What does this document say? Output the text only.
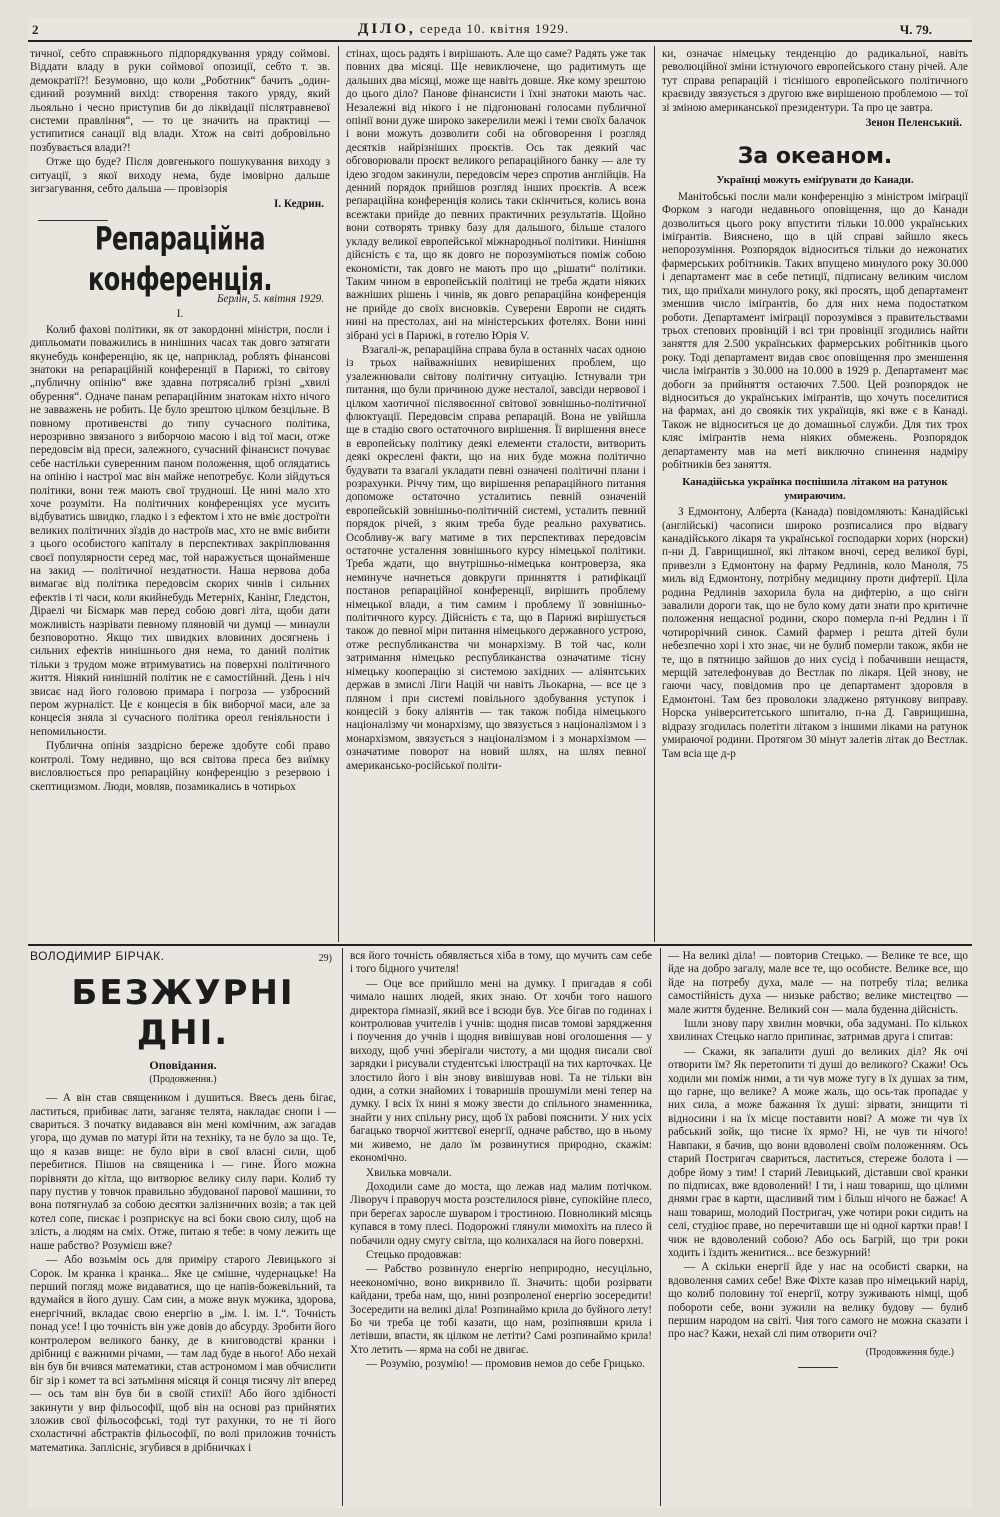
2	ДІЛО, середа 10. квітня 1929.	Ч. 79.

тичної, себто справжнього підпорядкування уряду соймові. Віддати владу в руки соймової опозиції, себто т. зв. демократії?! Безумовно, що коли „Роботник“ бачить „один-єдиний розумний вихід: створення такого уряду, який льояльно і чесно приступив би до ліквідації післятравневої системи правління“, — то це значить на практиці — устипитися санації від влади. Хтож на світі добровільно позбувається влади?!

Отже що буде? Після довгенького пошукування виходу з ситуації, з якої виходу нема, буде імовірно дальше зигзагування, себто дальша — провізорія

І. Кедрин.
Репараційна конференція.
Берлін, 5. квітня 1929.
І.

Колиб фахові політики, як от закордонні міністри, посли і дипльомати поважились в нинішних часах так довго затягати якунебудь конференцію, як це, наприклад, роблять фінансові знатоки на репараційній конференції в Парижі, то світову „публичну опінію“ вже здавна потрясалиб грізні „хвилі обурення“. Одначе панам репараційним знатокам ніхто нічого не завважень не робить. Це було зрештою цілком безцільне. В повному противенстві до типу сучасного політика, нерозривно звязаного з виборчою масою і від тої маси, отже передовсім від преси, залежного, сучасний фінансист почуває себе настільки суверенним паном положення, щоб оглядатись на опінію і настрої мас він майже непотребує. Коли зійдуться політики, вони теж мають свої трудноші. Це нині мало хто хоче розуміти. На політичних конференціях усе мусить відбуватись швидко, гладко і з ефектом і хто не вміє достроїти великих політичних зїздів до настроїв мас, хто не вміє вибити з цього особистого капіталу в перспективах закріплювання своєї популярности серед мас, той наражується щонайменше на закид — політичної нездатности. Наша нервова доба вимагає від політика передовсім скорих чинів і сильних ефектів і ті часи, коли якийнебудь Метерніх, Канінг, Глeдстон, Діраелі чи Бісмарк мав перед собою довгі літа, щоби дати можливість назрівати певному пляновій чи думці — минаули безповоротно. Якщо тих швидких вловиних досягнень і сильних ефектів нинішнього дня нема, то даний політик тільки з трудом може втримуватись на поверхні політичного життя. Ніякий нинішній політик не є самостійний. День і ніч звисає над його головою примара і погроза — узброєний пером журналіст. Це є концесія в бік виборчої маси, але за концесія зняла зі сучасного політика ореол геніяльности і непомильности.

Публична опінія заздрісно береже здобуте собі право контролі. Тому недивно, що вся світова преса без виїмку висловлюється про репараційну конференцію з резервою і скептицизмом. Люди, мовляв, позамикались в чотирьох

стінах, щось радять і вирішають. Але що саме? Радять уже так повних два місяці. Ще невиключене, що радитимуть ще дальших два місяці, може ще навіть довше. Яке кому зрештою до цього діло? Панове фінансисти і їхні знатоки мають час. Незалежні від нікого і не підгонювані голосами публичної опінії вони дуже широко закерелили межі і теми своїх балачок і вони можуть дозволити собі на обговорення і розгляд десятків найрізніших проєктів. Ось так деякий час обговорювали проєкт великого репараційного банку — але ту ідею згодом закинули, передовсім через спротив англійців. На денний порядок прийшов розгляд інших проєктів. А всеж репараційна конференція колись таки скінчиться, колись вона всежтаки прийде до певних практичних результатів. Щойно вони сотворять тривку базу для дальшого, більше сталого укладу великої европейської міжнародньої політики. Нинішня дійсність є та, що як довго не порозуміються поміж собою економісти, так довго не мають про що „рішати“ політики. Таким чином в европейській політиці не треба ждати ніяких важніших рішень і чинів, як довго репараційна конференція не прийде до своїх висновків. Суверени Европи не сидять нині на престолах, ані на міністерських фотелях. Вони нині зібрані усі в Парижі, в готелю Юрія V.

Взагалі-ж, репараційна справа була в останніх часах одною із трьох найважніших невирішених проблем, що узалежнювали світову політичну ситуацію. Істнували три питання, що були причиною дуже несталої, завсіди нервової і цілком хаотичної післявоєнної світової зовнішньо-політичної флюктуації. Передовсім справа репарацій. Вона не увійшла ще в стадію свого остаточного вирішення. Її вирішення внесе в европейську політику деякі елементи сталости, витворить деякі окреслені факти, що на них буде можна політично будувати та взагалі укладати певні означені політичні плани і розрахунки. Річчу тим, що вирішення репараційного питання допоможе остаточно усталитись певній означеній европейській зовнішньо-політичній системі, усталить певний порядок річей, з яким треба буде реально рахуватись. Особливу-ж вагу матиме в тих перспективах передовсім остаточне усталення зовнішнього курсу німецької політики. Треба ждати, що внутрішньо-німецька контроверза, яка неминуче начнеться довкруги принняття і ратифікації постанов репараційної конференції, вирішить проблему німецької влади, а тим самим і проблему її зовнішньо-політичного курсу. Дійсність є та, що в Парижі вирішується також до певної міри питання німецького державного устрою, отже республиканства чи монархізму. В той час, коли затримання німецько республиканства означатиме тісну німецьку кооперацію зі системою західних — аліянтських держав в змислі Ліги Націй чи навіть Льокарна, — все це з пляном і при системі повільного здобування уступок і концесій з боку аліянтів — так також побіда німецького націоналізму чи монархізму, що звязується з націоналізмом і з монархізмом, звязується з націоналізмом і з монархізмом — означатиме поворот на новий шлях, на шлях певної американсько-російської політи-

ки, означає німецьку тенденцію до радикальної, навіть революційної зміни істнуючого европейського стану річей. Але тут справа репарацій і тіснішого европейського політичного краєвиду звязується з другою вже вирішеною проблемою — тої зі зміною американської президентури. Та про це завтра.

Зенон Пеленський.
За океаном.
Українці можуть еміґрувати до Канади.

Манітобські посли мали конференцію з міністром іміґрації Форком з нагоди недавнього оповіщення, що до Канади дозволиться цього року впустити тільки 10.000 українських іміґрантів. Вияснено, що в цій справі зайшло якесь непорозуміння. Розпорядок відноситься тільки до нежонатих фармерських робітників. Таких впущено минулого року 30.000 і департамент має в себе петиції, підписану великим числом тих, що приїхали минулого року, які просять, щоб департамент зменшив число іміґрантів, бо для них нема подостатком роботи. Департамент іміґрації порозумівся з правительствами трьох степових провінцій і всі три провінції згодились найти заняття для 2.500 українських фармерських робітників цього року. Тоді департамент видав своє оповіщення про зменшення числа іміґрантів з 30.000 на 10.000 в 1929 р. Департамент має добоги за прийняття остаючих 7.500. Цей розпорядок не відноситься до українських іміґрантів, що хочуть поселитися на фармах, ані до своякік тих українців, які вже є в Канаді. Також не відноситься це до домашньої служби. Для тих трох кляс іміґрантів нема ніяких обмежень. Розпорядок департаменту мав на меті виключно спинення надміру робітників без заняття.

Канадійська українка поспішила літаком на ратунок умираючим.

З Едмонтону, Алберта (Канада) повідомляють: Канадійські (англійські) часописи широко розписалися про відвагу канадійського лікаря та української господарки хорих (норски) п-ни Д. Гаврищишної, які літаком вночі, серед великої бурі, привезли з Едмонтону на фарму Редлинів, коло Маноля, 75 миль від Едмонтону, потрібну медицину проти дифтерії. Ціла родина Редлинів захорила була на дифтерію, а що сніги завалили дороги так, що не було кому дати знати про критичне положення нещасної родини, скоро померла п-ні Редлин і її чотирорічний синок. Самий фармер і решта дітей були небезпечно хорі і хто знає, чи не булиб померли також, якби не те, що в пятницю зайшов до них сусід і побачивши нещастя, мерщій зателефонував до Вестлак по лікаря. Цей знову, не гаючи часу, повідомив про це департамент здоровля в Едмонтоні. Там без проволоки зладжено рятункову виправу. Норска університетського шпиталю, п-на Д. Гаврищишна, відразу згодилась полетіти літаком з іншими ліками на ратунок умираючої родини. Протягом 30 мінут залетів літак до Вестлак. Там всіа ще д-р

ВОЛОДИМИР БІРЧАК.	29)
БЕЗЖУРНІ ДНІ.
Оповідання.
(Продовження.)

— А він став священиком і душиться. Ввесь день бігає, ластиться, прибиває лати, заганяє телята, накладає снопи і — свариться. З початку видавався він мені комічним, аж загадав угора, що думав по матурі йти на техніку, та не було за що. Те, що я казав вище: не було віри в свої власні сили, щоб перебитися. Пішов на священика і — гине. Його можна порівняти до кітла, що витворює велику силу пари. Колиб ту пару пустив у товчок правильно збудованої парової машини, то вона потягнулаб за собою десятки залізничних возів; а так цей котел сопе, пискає і розприскує на всі боки свою силу, щоб на злість, а людям на сміх. Отже, питаю я тебе: в чому лежить ще наше рабство? Розумієш вже?

— Або возьмім ось для приміру старого Левицького зі Сорок. Ім кранка і кранка... Яке це смішне, чудернацьке! На перший погляд може видаватися, що це напів-божевільний, та вдумайся в його душу. Сам син, а може внук мужика, здорова, енергічний, вкладає свою енергію в „ім. І. ім. І.“. Точність понад усе! І цю точність він уже довів до абсурду. Зробити його контролером великого банку, де в книговодстві кранки і дрібниці є важними річами, — там лад буде в нього! Або нехай він був би вчився математики, став астрономом і мав обчислити біг зір і комет та всі затьміння місяця й сонця тисячу літ вперед — ось там він був би в своїй стихії! Або його здібності закинути у вир фільософії, щоб він на основі раз прийнятих зложив свої фільософські, тоді тут рахунки, то не ті його схоластичні абстрактів фільософії, по волі приложив точність математика. Заплісніє, згубився в дрібничках і

вся його точність обявляється хіба в тому, що мучить сам себе і того бідного учителя!

— Оце все прийшло мені на думку. І пригадав я собі чимало наших людей, яких знаю. От хочби того нашого директора ґімназії, який все і всюди був. Усе бігав по годинах і контролював учителів і учнів: щодня писав томові зарядження і поучення до учнів і щодня вивішував нові оголошення — у виходу, щоб учні зберігали чистоту, а ми щодня писали свої зарядки і рисували студентські ілюстрації на тих карточках. Це злостило його і він знову вивішував нові. Та не тільки він один, а сотки знайомих і товаришів прошуміли мені тепер на думку. І всіх їх нині я можу звести до спільного знаменника, знайти у них спільну рису, щоб їх рабові пояснити. У них усіх багацько творчої життєвої енергії, одначе рабство, що в ньому ми живемо, не дало їм розвинутися природно, скажім: економічно.

Хвилька мовчали.

Доходили саме до моста, що лежав над малим потічком. Ліворуч і праворуч моста розстелилося рівне, супокійне плесо, при берегах заросле шуваром і тростиною. Повноликий місяць купався в тому плесі. Подорожні глянули мимохіть на плесо й побачили одну смугу світла, що колихалася на його поверхні.

Стецько продовжав:

— Рабство розвинуло енергію неприродно, несуцільно, неекономічно, воно викривило її. Значить: щоби розірвати кайдани, треба нам, що, нині розпроленої енергію зосередити! Зосередити на великі діла! Розпинаймо крила до буйного лету! Бо чи треба це тобі казати, що нам, розіпнявши крила і летівши, впасти, як цілком не летіти? Самі розпинаймо крила! Хто летить — ярма на собі не двигає.

— Розумію, розумію! — промовив немов до себе Грицько.

— На великі діла! — повторив Стецько. — Велике те все, що йде на добро загалу, мале все те, що особисте. Велике все, що йде на потребу духа, мале — на потребу тіла; велика самостійність духа — низьке рабство; велике мистецтво — мале життя буденне. Великий сон — мала буденна дійсність.

Ішли знову пару хвилин мовчки, оба задумані. По кількох хвилинах Стецько нагло припинає, затримав друга і спитав:

— Скажи, як запалити душі до великих діл? Як очі отворити їм? Як перетопити ті душі до великого? Скажи! Ось ходили ми поміж ними, а ти чув може тугу в їх душах за тим, що гарне, що велике? А може жаль, що ось-так пропадає у них сила, а може бажання їх душі: зірвати, знищити ті відносини і на їх місце поставити нові? А може ти чув їх рабський зойк, що тисне їх ярмо? Ні, не чув ти нічого! Навпаки, я бачив, що вони вдоволені своїм положенням. Ось старий Постригач свариться, ластиться, стереже болота і — добре йому з тим! І старий Левицький, діставши свої кранки по підписах, вже вдоволений! І ти, і наш товариш, що цілими днями грає в карти, щасливий тим і більш нічого не бажає! А наш товариш, молодий Постригач, уже чотири роки сидить на селі, студіює праве, но перечитавши ще ні одної картки прав! І чиж не вдоволений собою? Або ось Багрій, що три роки ходить і їздить женитися... все безжурний!

— А скільки енергії йде у нас на особисті сварки, на вдоволення самих себе! Вже Фіхте казав про німецький нарід, що колиб половину тої енергії, котру зуживають німці, щоб побороти себе, вони зужили на велику будову — булиб першим народом на світі. Чия того самого не можна сказати і про нас? Кажи, нехай слі пим отворити очі?

(Продовження буде.)
